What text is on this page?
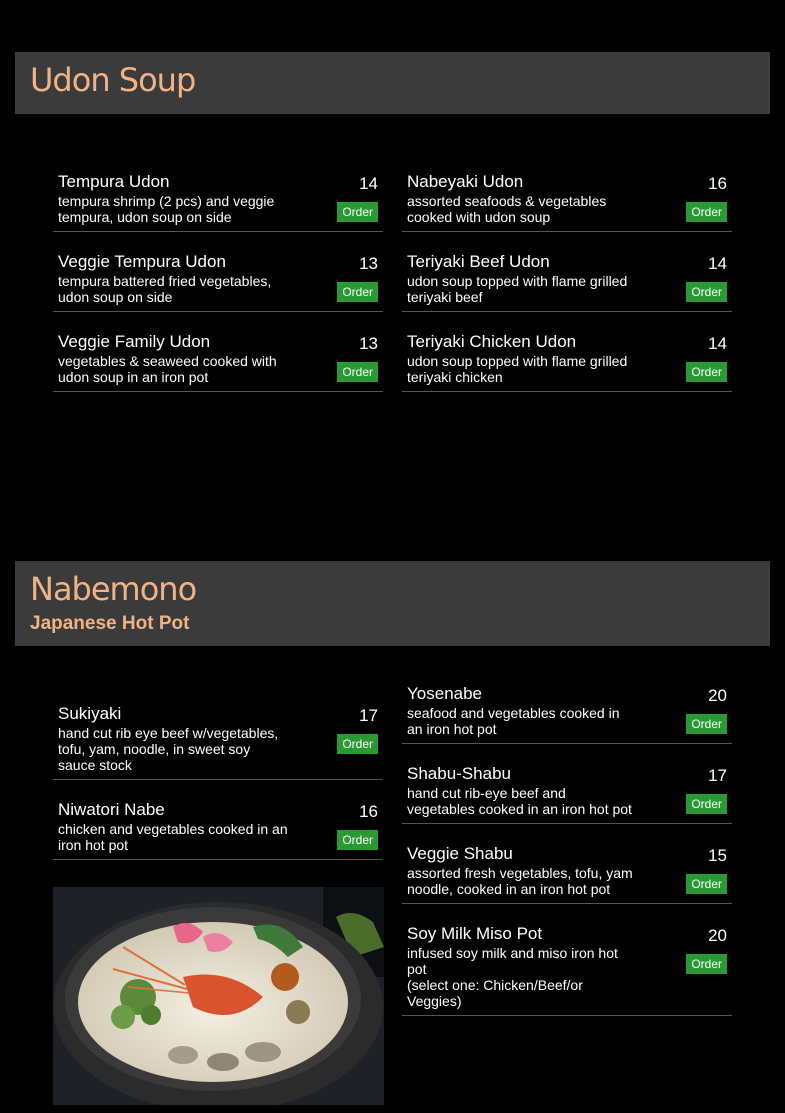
Udon Soup
Tempura Udon
tempura shrimp (2 pcs) and veggie tempura, udon soup on side
14
Order
Veggie Tempura Udon
tempura battered fried vegetables, udon soup on side
13
Order
Veggie Family Udon
vegetables & seaweed cooked with udon soup in an iron pot
13
Order
Nabeyaki Udon
assorted seafoods & vegetables cooked with udon soup
16
Order
Teriyaki Beef Udon
udon soup topped with flame grilled teriyaki beef
14
Order
Teriyaki Chicken Udon
udon soup topped with flame grilled teriyaki chicken
14
Order
Nabemono
Japanese Hot Pot
Sukiyaki
hand cut rib eye beef w/vegetables, tofu, yam, noodle, in sweet soy sauce stock
17
Order
Niwatori Nabe
chicken and vegetables cooked in an iron hot pot
16
Order
Yosenabe
seafood and vegetables cooked in an iron hot pot
20
Order
Shabu-Shabu
hand cut rib-eye beef and vegetables cooked in an iron hot pot
17
Order
Veggie Shabu
assorted fresh vegetables, tofu, yam noodle, cooked in an iron hot pot
15
Order
Soy Milk Miso Pot
infused soy milk and miso iron hot pot
(select one: Chicken/Beef/or Veggies)
20
Order
